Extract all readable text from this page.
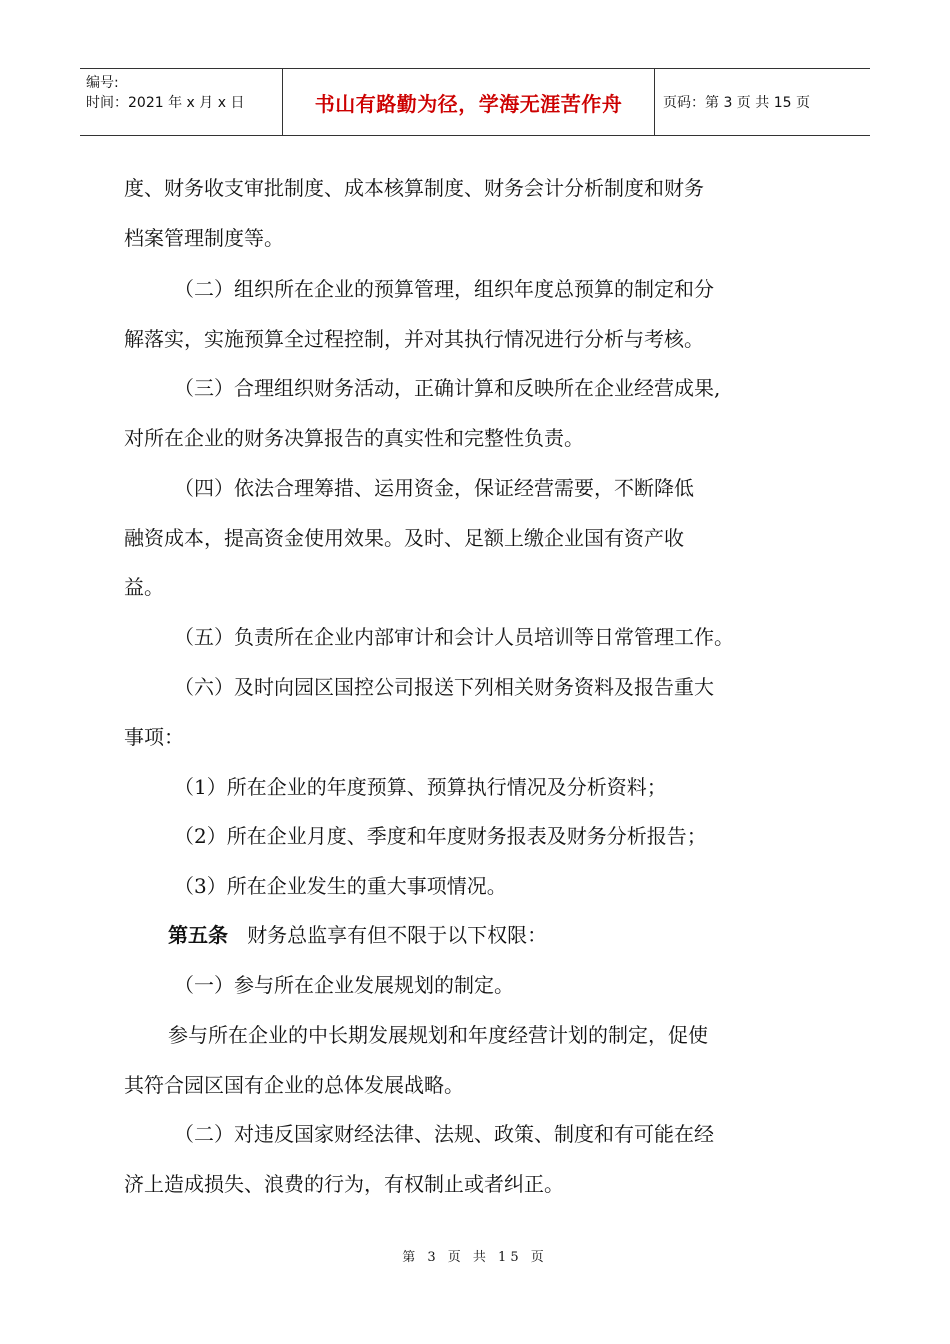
编号:
时间：2021 年 x 月 x 日	书山有路勤为径，学海无涯苦作舟	页码：第 3 页 共 15 页
度、财务收支审批制度、成本核算制度、财务会计分析制度和财务
档案管理制度等。
（二）组织所在企业的预算管理，组织年度总预算的制定和分
解落实，实施预算全过程控制，并对其执行情况进行分析与考核。
（三）合理组织财务活动，正确计算和反映所在企业经营成果,
对所在企业的财务决算报告的真实性和完整性负责。
（四）依法合理筹措、运用资金，保证经营需要，不断降低
融资成本，提高资金使用效果。及时、足额上缴企业国有资产收
益。
（五）负责所在企业内部审计和会计人员培训等日常管理工作。
（六）及时向园区国控公司报送下列相关财务资料及报告重大
事项：
（1）所在企业的年度预算、预算执行情况及分析资料；
（2）所在企业月度、季度和年度财务报表及财务分析报告；
（3）所在企业发生的重大事项情况。
第五条 财务总监享有但不限于以下权限：
（一）参与所在企业发展规划的制定。
参与所在企业的中长期发展规划和年度经营计划的制定，促使
其符合园区国有企业的总体发展战略。
（二）对违反国家财经法律、法规、政策、制度和有可能在经
济上造成损失、浪费的行为，有权制止或者纠正。
第 3 页 共 15 页
